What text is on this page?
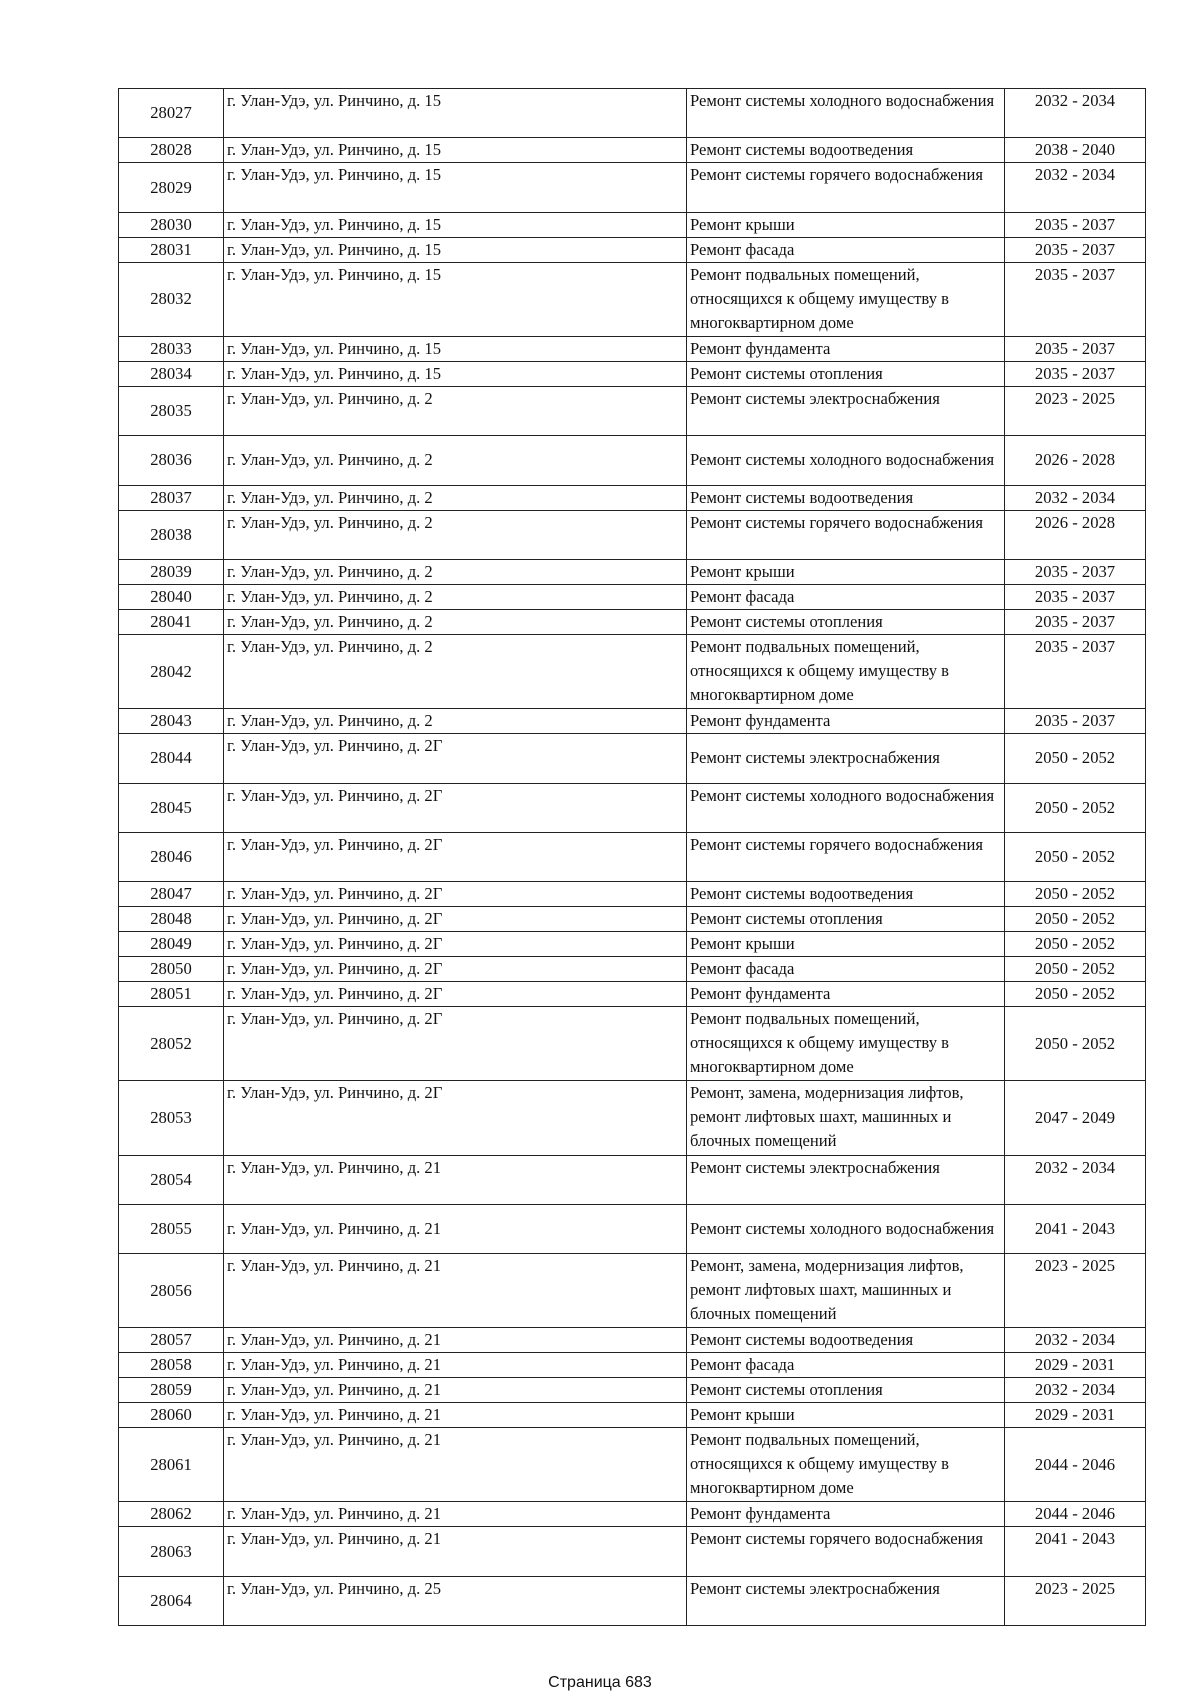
28027	г. Улан-Удэ, ул. Ринчино, д. 15	Ремонт системы холодного водоснабжения	2032 - 2034
28028	г. Улан-Удэ, ул. Ринчино, д. 15	Ремонт системы водоотведения	2038 - 2040
28029	г. Улан-Удэ, ул. Ринчино, д. 15	Ремонт системы горячего водоснабжения	2032 - 2034
28030	г. Улан-Удэ, ул. Ринчино, д. 15	Ремонт крыши	2035 - 2037
28031	г. Улан-Удэ, ул. Ринчино, д. 15	Ремонт фасада	2035 - 2037
28032	г. Улан-Удэ, ул. Ринчино, д. 15	Ремонт подвальных помещений, относящихся к общему имуществу в многоквартирном доме	2035 - 2037
28033	г. Улан-Удэ, ул. Ринчино, д. 15	Ремонт фундамента	2035 - 2037
28034	г. Улан-Удэ, ул. Ринчино, д. 15	Ремонт системы отопления	2035 - 2037
28035	г. Улан-Удэ, ул. Ринчино, д. 2	Ремонт системы электроснабжения	2023 - 2025
28036	г. Улан-Удэ, ул. Ринчино, д. 2	Ремонт системы холодного водоснабжения	2026 - 2028
28037	г. Улан-Удэ, ул. Ринчино, д. 2	Ремонт системы водоотведения	2032 - 2034
28038	г. Улан-Удэ, ул. Ринчино, д. 2	Ремонт системы горячего водоснабжения	2026 - 2028
28039	г. Улан-Удэ, ул. Ринчино, д. 2	Ремонт крыши	2035 - 2037
28040	г. Улан-Удэ, ул. Ринчино, д. 2	Ремонт фасада	2035 - 2037
28041	г. Улан-Удэ, ул. Ринчино, д. 2	Ремонт системы отопления	2035 - 2037
28042	г. Улан-Удэ, ул. Ринчино, д. 2	Ремонт подвальных помещений, относящихся к общему имуществу в многоквартирном доме	2035 - 2037
28043	г. Улан-Удэ, ул. Ринчино, д. 2	Ремонт фундамента	2035 - 2037
28044	г. Улан-Удэ, ул. Ринчино, д. 2Г	Ремонт системы электроснабжения	2050 - 2052
28045	г. Улан-Удэ, ул. Ринчино, д. 2Г	Ремонт системы холодного водоснабжения	2050 - 2052
28046	г. Улан-Удэ, ул. Ринчино, д. 2Г	Ремонт системы горячего водоснабжения	2050 - 2052
28047	г. Улан-Удэ, ул. Ринчино, д. 2Г	Ремонт системы водоотведения	2050 - 2052
28048	г. Улан-Удэ, ул. Ринчино, д. 2Г	Ремонт системы отопления	2050 - 2052
28049	г. Улан-Удэ, ул. Ринчино, д. 2Г	Ремонт крыши	2050 - 2052
28050	г. Улан-Удэ, ул. Ринчино, д. 2Г	Ремонт фасада	2050 - 2052
28051	г. Улан-Удэ, ул. Ринчино, д. 2Г	Ремонт фундамента	2050 - 2052
28052	г. Улан-Удэ, ул. Ринчино, д. 2Г	Ремонт подвальных помещений, относящихся к общему имуществу в многоквартирном доме	2050 - 2052
28053	г. Улан-Удэ, ул. Ринчино, д. 2Г	Ремонт, замена, модернизация лифтов, ремонт лифтовых шахт, машинных и блочных помещений	2047 - 2049
28054	г. Улан-Удэ, ул. Ринчино, д. 21	Ремонт системы электроснабжения	2032 - 2034
28055	г. Улан-Удэ, ул. Ринчино, д. 21	Ремонт системы холодного водоснабжения	2041 - 2043
28056	г. Улан-Удэ, ул. Ринчино, д. 21	Ремонт, замена, модернизация лифтов, ремонт лифтовых шахт, машинных и блочных помещений	2023 - 2025
28057	г. Улан-Удэ, ул. Ринчино, д. 21	Ремонт системы водоотведения	2032 - 2034
28058	г. Улан-Удэ, ул. Ринчино, д. 21	Ремонт фасада	2029 - 2031
28059	г. Улан-Удэ, ул. Ринчино, д. 21	Ремонт системы отопления	2032 - 2034
28060	г. Улан-Удэ, ул. Ринчино, д. 21	Ремонт крыши	2029 - 2031
28061	г. Улан-Удэ, ул. Ринчино, д. 21	Ремонт подвальных помещений, относящихся к общему имуществу в многоквартирном доме	2044 - 2046
28062	г. Улан-Удэ, ул. Ринчино, д. 21	Ремонт фундамента	2044 - 2046
28063	г. Улан-Удэ, ул. Ринчино, д. 21	Ремонт системы горячего водоснабжения	2041 - 2043
28064	г. Улан-Удэ, ул. Ринчино, д. 25	Ремонт системы электроснабжения	2023 - 2025
Страница 683
